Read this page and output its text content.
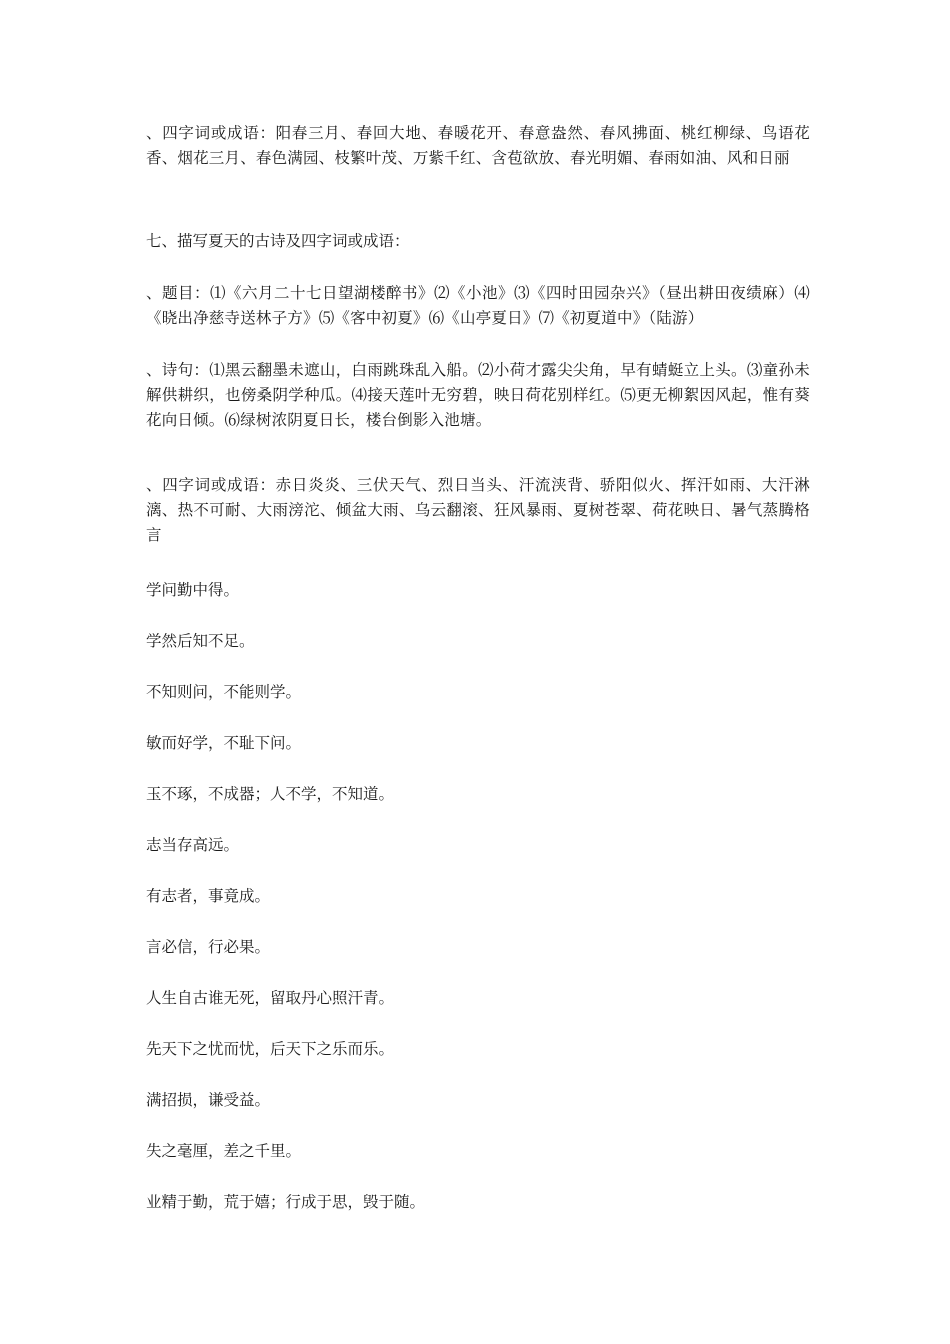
、四字词或成语：阳春三月、春回大地、春暖花开、春意盎然、春风拂面、桃红柳绿、鸟语花香、烟花三月、春色满园、枝繁叶茂、万紫千红、含苞欲放、春光明媚、春雨如油、风和日丽

七、描写夏天的古诗及四字词或成语：

、题目：⑴《六月二十七日望湖楼醉书》⑵《小池》⑶《四时田园杂兴》（昼出耕田夜绩麻）⑷《晓出净慈寺送林子方》⑸《客中初夏》⑹《山亭夏日》⑺《初夏道中》（陆游）

、诗句：⑴黑云翻墨未遮山，白雨跳珠乱入船。⑵小荷才露尖尖角，早有蜻蜓立上头。⑶童孙未解供耕织，也傍桑阴学种瓜。⑷接天莲叶无穷碧，映日荷花别样红。⑸更无柳絮因风起，惟有葵花向日倾。⑹绿树浓阴夏日长，楼台倒影入池塘。

、四字词或成语：赤日炎炎、三伏天气、烈日当头、汗流浃背、骄阳似火、挥汗如雨、大汗淋漓、热不可耐、大雨滂沱、倾盆大雨、乌云翻滚、狂风暴雨、夏树苍翠、荷花映日、暑气蒸腾格言

学问勤中得。

学然后知不足。

不知则问，不能则学。

敏而好学，不耻下问。

玉不琢，不成器；人不学，不知道。

志当存高远。

有志者，事竟成。

言必信，行必果。

人生自古谁无死，留取丹心照汗青。

先天下之忧而忧，后天下之乐而乐。

满招损，谦受益。

失之毫厘，差之千里。

业精于勤，荒于嬉；行成于思，毁于随。
